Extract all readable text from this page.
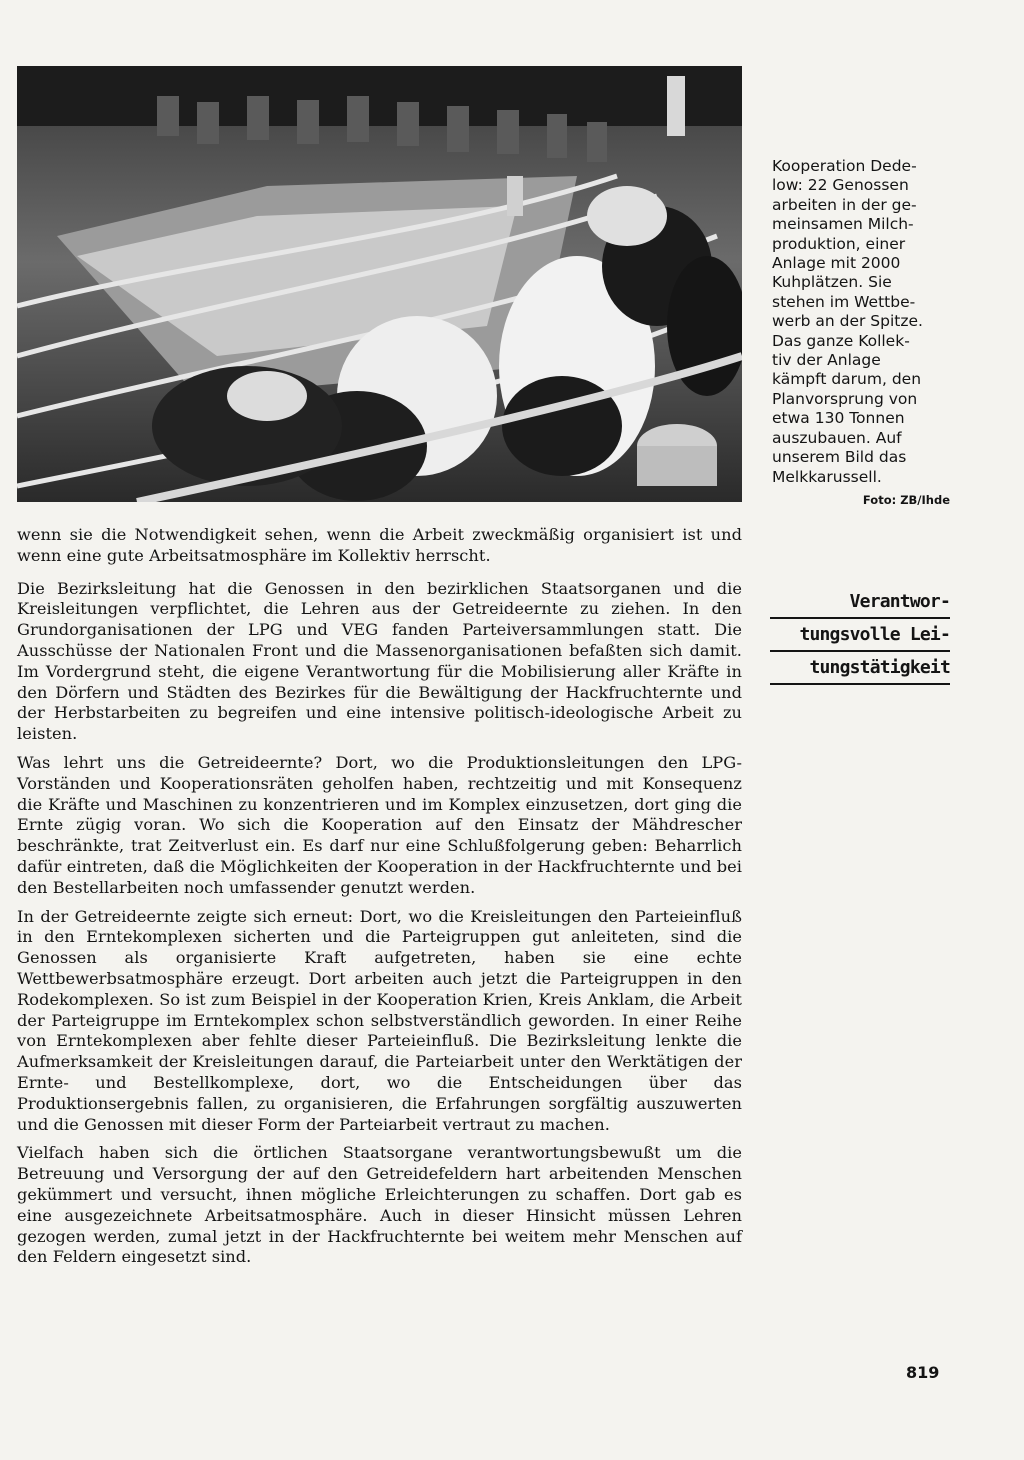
Kooperation Dede-
low: 22 Genossen
arbeiten in der ge-
meinsamen Milch-
produktion, einer
Anlage mit 2000
Kuhplätzen. Sie
stehen im Wettbe-
werb an der Spitze.
Das ganze Kollek-
tiv der Anlage
kämpft darum, den
Planvorsprung von
etwa 130 Tonnen
auszubauen. Auf
unserem Bild das
Melkkarussell.
Foto: ZB/Ihde
Verantwor-
tungsvolle Lei-
tungstätigkeit

wenn sie die Notwendigkeit sehen, wenn die Arbeit zweckmäßig organisiert ist und wenn eine gute Arbeitsatmosphäre im Kollektiv herrscht.

Die Bezirksleitung hat die Genossen in den bezirklichen Staatsorganen und die Kreisleitungen verpflichtet, die Lehren aus der Getreideernte zu ziehen. In den Grundorganisationen der LPG und VEG fanden Parteiversammlungen statt. Die Ausschüsse der Nationalen Front und die Massenorganisationen befaßten sich damit. Im Vordergrund steht, die eigene Verantwortung für die Mobilisierung aller Kräfte in den Dörfern und Städten des Bezirkes für die Bewältigung der Hackfruchternte und der Herbstarbeiten zu begreifen und eine intensive politisch-ideologische Arbeit zu leisten.

Was lehrt uns die Getreideernte? Dort, wo die Produktionsleitungen den LPG-Vorständen und Kooperationsräten geholfen haben, rechtzeitig und mit Konsequenz die Kräfte und Maschinen zu konzentrieren und im Komplex einzusetzen, dort ging die Ernte zügig voran. Wo sich die Kooperation auf den Einsatz der Mähdrescher beschränkte, trat Zeitverlust ein. Es darf nur eine Schlußfolgerung geben: Beharrlich dafür eintreten, daß die Möglichkeiten der Kooperation in der Hackfruchternte und bei den Bestellarbeiten noch umfassender genutzt werden.

In der Getreideernte zeigte sich erneut: Dort, wo die Kreisleitungen den Parteieinfluß in den Erntekomplexen sicherten und die Parteigruppen gut anleiteten, sind die Genossen als organisierte Kraft aufgetreten, haben sie eine echte Wettbewerbsatmosphäre erzeugt. Dort arbeiten auch jetzt die Parteigruppen in den Rodekomplexen. So ist zum Beispiel in der Kooperation Krien, Kreis Anklam, die Arbeit der Parteigruppe im Erntekomplex schon selbstverständlich geworden. In einer Reihe von Erntekomplexen aber fehlte dieser Parteieinfluß. Die Bezirksleitung lenkte die Aufmerksamkeit der Kreisleitungen darauf, die Parteiarbeit unter den Werktätigen der Ernte- und Bestellkomplexe, dort, wo die Entscheidungen über das Produktionsergebnis fallen, zu organisieren, die Erfahrungen sorgfältig auszuwerten und die Genossen mit dieser Form der Parteiarbeit vertraut zu machen.

Vielfach haben sich die örtlichen Staatsorgane verantwortungsbewußt um die Betreuung und Versorgung der auf den Getreidefeldern hart arbeitenden Menschen gekümmert und versucht, ihnen mögliche Erleichterungen zu schaffen. Dort gab es eine ausgezeichnete Arbeitsatmosphäre. Auch in dieser Hinsicht müssen Lehren gezogen werden, zumal jetzt in der Hackfruchternte bei weitem mehr Menschen auf den Feldern eingesetzt sind.

819
